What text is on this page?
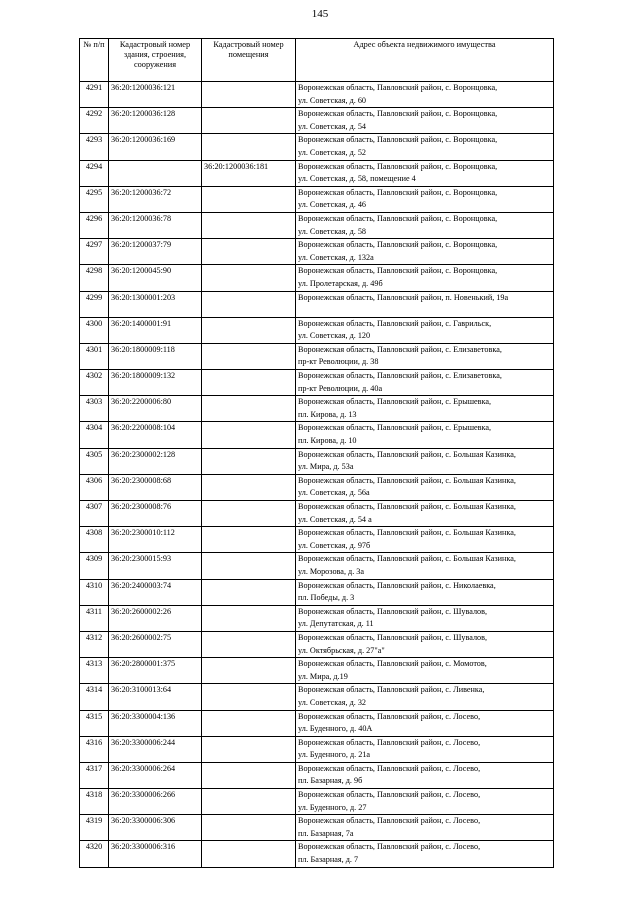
145
№ п/п	Кадастровый номер здания, строения, сооружения	Кадастровый номер помещения	Адрес объекта недвижимого имущества
4291	36:20:1200036:121		Воронежская область, Павловский район, с. Воронцовка,
ул. Советская, д. 60

4292	36:20:1200036:128		Воронежская область, Павловский район, с. Воронцовка,
ул. Советская, д. 54

4293	36:20:1200036:169		Воронежская область, Павловский район, с. Воронцовка,
ул. Советская, д. 52

4294		36:20:1200036:181	Воронежская область, Павловский район, с. Воронцовка,
ул. Советская, д. 58, помещение 4

4295	36:20:1200036:72		Воронежская область, Павловский район, с. Воронцовка,
ул. Советская, д. 46

4296	36:20:1200036:78		Воронежская область, Павловский район, с. Воронцовка,
ул. Советская, д. 58

4297	36:20:1200037:79		Воронежская область, Павловский район, с. Воронцовка,
ул. Советская, д. 132а

4298	36:20:1200045:90		Воронежская область, Павловский район, с. Воронцовка,
ул. Пролетарская, д. 49б

4299	36:20:1300001:203		Воронежская область, Павловский район, п. Новенький, 19а

4300	36:20:1400001:91		Воронежская область, Павловский район, с. Гаврильск,
ул. Советская, д. 120

4301	36:20:1800009:118		Воронежская область, Павловский район, с. Елизаветовка,
пр-кт Революции, д. 38

4302	36:20:1800009:132		Воронежская область, Павловский район, с. Елизаветовка,
пр-кт Революции, д. 40а

4303	36:20:2200006:80		Воронежская область, Павловский район, с. Ерышевка,
пл. Кирова, д. 13

4304	36:20:2200008:104		Воронежская область, Павловский район, с. Ерышевка,
пл. Кирова, д. 10

4305	36:20:2300002:128		Воронежская область, Павловский район, с. Большая Казинка,
ул. Мира, д. 53а

4306	36:20:2300008:68		Воронежская область, Павловский район, с. Большая Казинка,
ул. Советская, д. 56а

4307	36:20:2300008:76		Воронежская область, Павловский район, с. Большая Казинка,
ул. Советская, д. 54 а

4308	36:20:2300010:112		Воронежская область, Павловский район, с. Большая Казинка,
ул. Советская, д. 97б

4309	36:20:2300015:93		Воронежская область, Павловский район, с. Большая Казинка,
ул. Морозова, д. 3а

4310	36:20:2400003:74		Воронежская область, Павловский район, с. Николаевка,
пл. Победы, д. 3

4311	36:20:2600002:26		Воронежская область, Павловский район, с. Шувалов,
ул. Депутатская, д. 11

4312	36:20:2600002:75		Воронежская область, Павловский район, с. Шувалов,
ул. Октябрьская, д. 27"а"

4313	36:20:2800001:375		Воронежская область, Павловский район, с. Момотов,
ул. Мира, д.19

4314	36:20:3100013:64		Воронежская область, Павловский район, с. Ливенка,
ул. Советская, д. 32

4315	36:20:3300004:136		Воронежская область, Павловский район, с. Лосево,
ул. Буденного, д. 40А

4316	36:20:3300006:244		Воронежская область, Павловский район, с. Лосево,
ул. Буденного, д. 21а

4317	36:20:3300006:264		Воронежская область, Павловский район, с. Лосево,
пл. Базарная, д. 9б

4318	36:20:3300006:266		Воронежская область, Павловский район, с. Лосево,
ул. Буденного, д. 27

4319	36:20:3300006:306		Воронежская область, Павловский район, с. Лосево,
пл. Базарная, 7а

4320	36:20:3300006:316		Воронежская область, Павловский район, с. Лосево,
пл. Базарная, д. 7
